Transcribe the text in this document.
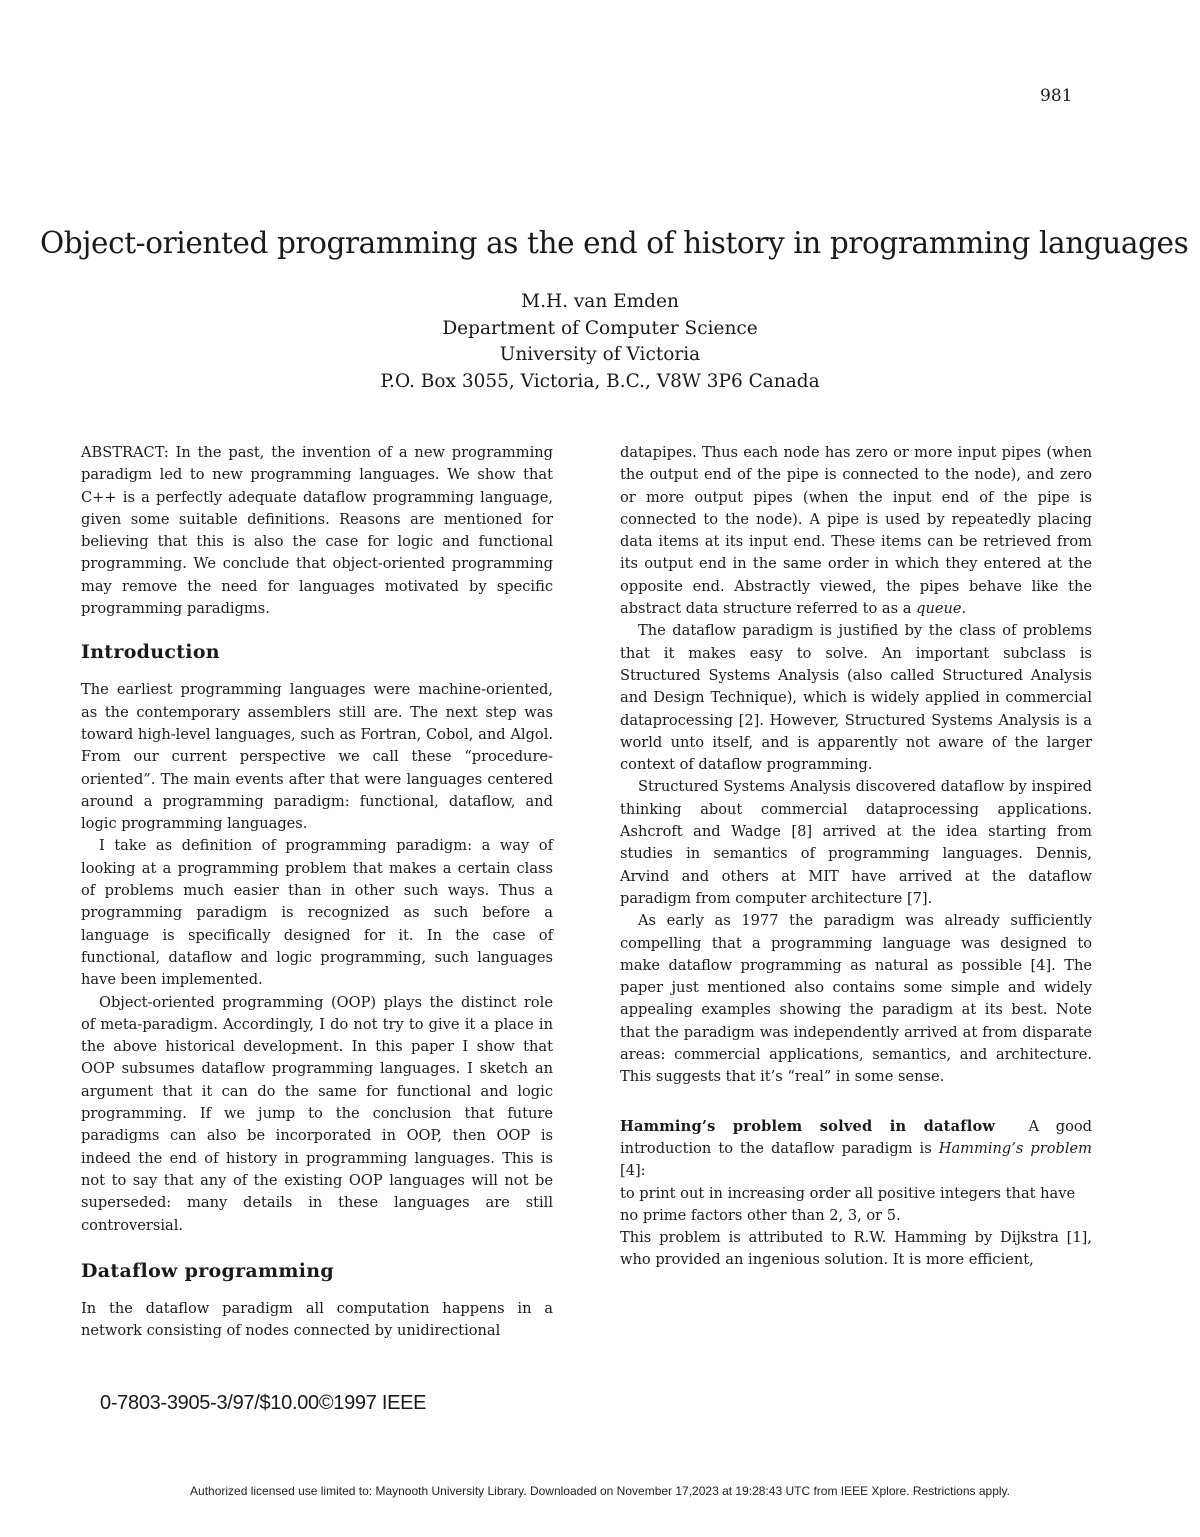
981
Object-oriented programming as the end of history in programming languages
M.H. van Emden
Department of Computer Science
University of Victoria
P.O. Box 3055, Victoria, B.C., V8W 3P6 Canada

ABSTRACT: In the past, the invention of a new programming paradigm led to new programming languages. We show that C++ is a perfectly adequate dataflow programming language, given some suitable definitions. Reasons are mentioned for believing that this is also the case for logic and functional programming. We conclude that object-oriented programming may remove the need for languages motivated by specific programming paradigms.

Introduction

The earliest programming languages were machine-oriented, as the contemporary assemblers still are. The next step was toward high-level languages, such as Fortran, Cobol, and Algol. From our current perspective we call these “procedure-oriented”. The main events after that were languages centered around a programming paradigm: functional, dataflow, and logic programming languages.

I take as definition of programming paradigm: a way of looking at a programming problem that makes a certain class of problems much easier than in other such ways. Thus a programming paradigm is recognized as such before a language is specifically designed for it. In the case of functional, dataflow and logic programming, such languages have been implemented.

Object-oriented programming (OOP) plays the distinct role of meta-paradigm. Accordingly, I do not try to give it a place in the above historical development. In this paper I show that OOP subsumes dataflow programming languages. I sketch an argument that it can do the same for functional and logic programming. If we jump to the conclusion that future paradigms can also be incorporated in OOP, then OOP is indeed the end of history in programming languages. This is not to say that any of the existing OOP languages will not be superseded: many details in these languages are still controversial.

Dataflow programming

In the dataflow paradigm all computation happens in a network consisting of nodes connected by unidirectional

datapipes. Thus each node has zero or more input pipes (when the output end of the pipe is connected to the node), and zero or more output pipes (when the input end of the pipe is connected to the node). A pipe is used by repeatedly placing data items at its input end. These items can be retrieved from its output end in the same order in which they entered at the opposite end. Abstractly viewed, the pipes behave like the abstract data structure referred to as a queue.

The dataflow paradigm is justified by the class of problems that it makes easy to solve. An important subclass is Structured Systems Analysis (also called Structured Analysis and Design Technique), which is widely applied in commercial dataprocessing [2]. However, Structured Systems Analysis is a world unto itself, and is apparently not aware of the larger context of dataflow programming.

Structured Systems Analysis discovered dataflow by inspired thinking about commercial dataprocessing applications. Ashcroft and Wadge [8] arrived at the idea starting from studies in semantics of programming languages. Dennis, Arvind and others at MIT have arrived at the dataflow paradigm from computer architecture [7].

As early as 1977 the paradigm was already sufficiently compelling that a programming language was designed to make dataflow programming as natural as possible [4]. The paper just mentioned also contains some simple and widely appealing examples showing the paradigm at its best. Note that the paradigm was independently arrived at from disparate areas: commercial applications, semantics, and architecture. This suggests that it’s “real” in some sense.

Hamming’s problem solved in dataflow A good introduction to the dataflow paradigm is Hamming’s problem [4]:

to print out in increasing order all positive integers that have no prime factors other than 2, 3, or 5.

This problem is attributed to R.W. Hamming by Dijkstra [1], who provided an ingenious solution. It is more efficient,

0-7803-3905-3/97/$10.00©1997 IEEE
Authorized licensed use limited to: Maynooth University Library. Downloaded on November 17,2023 at 19:28:43 UTC from IEEE Xplore. Restrictions apply.
